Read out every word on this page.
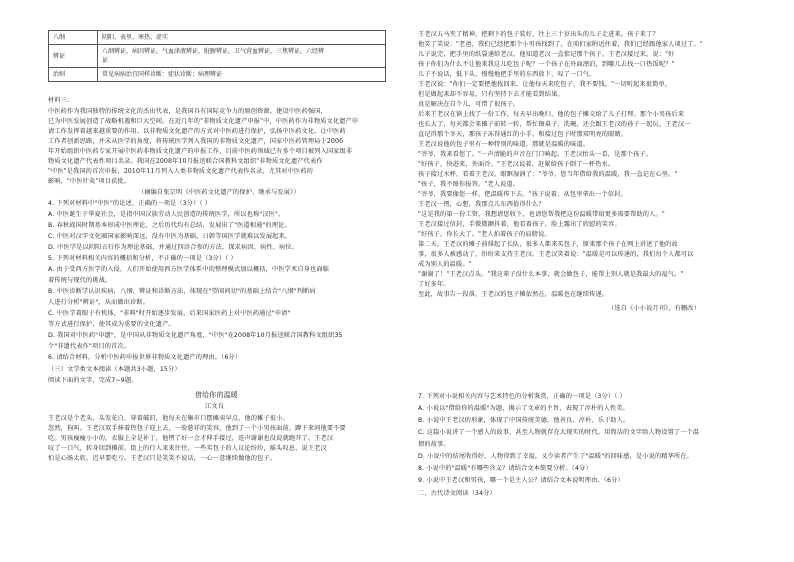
八纲	阴阳、表里、寒热、虚实
辨证	八纲辨证，病因辨证，气血津液辨证，脏腑辨证，卫气营血辨证，三焦辨证，六经辨
证
治则	常见病病治宜同样诊断：症状诊断；病理辨证
材料三：
中医药作为我国独特的传统文化的杰出代表，是我国具有国际竞争力的原创资源。建设中医药强国，
已为中医发展创造了战略机遇和巨大空间。在近几年的"非物质文化遗产申报"中，中医药作为非物质文化遗产申
请工作发挥着越来越重要的作用。以非物质文化遗产的方式对中医药进行保护，弘扬中医药文化，让中医药
工作者创新思路，并未从医学的角度，将传统医学列入我国的非物质文化遗产，国家中医药管理局于2006
年开始组织中医药专家开展中医药非物质文化遗产的申报工作，目前中医药领域已有多个项目被列入国家级非
物质文化遗产代表性项目名录。我国在2008年10月报送联合国教科文组织"非物质文化遗产代表作
"中医"是我国的首次申报，2010年11月列入人类非物质文化遗产代表作名录，尤其对中医药的
影响，"中医针灸"项目获批。
（摘编自张宗明《中医药文化遗产的保护、继承与发展》）
4. 下列对材料中"中医"的论述，正确的一项是（3分）（ ）
A. 中医诞生于华夏社会，是指中国汉族劳动人民创造的传统医学，所以也称"汉医"。
B. 春秋战国时期基本形成中医理论，之后历代均有总结，发展出了"医道相通"的理论。
C. 中医对汉字文化圈国家影响深远，没有中医为基础，日韩等国医学就难以发展起来。
D. 中医学是以阴阳五行作为理论基础，并通过四诊合参的方法，探求病因、病性、病位。
5. 下列对材料相关内容的概括和分析，不正确的一项是（3分）（ ）
A. 由于受西方医学的入侵，人们开始使用西方医学体系中的整理模式加以概括，中医学术自身也面临
着传统与现代的挑战。
B. 中医诊断学认识疾病，八纲、辨证和诊断方法，体现在"望闻问切"的基础上结合"八纲"判断病
人进行分析"辨证"，从而做出诊断。
C. 中医学着眼于有机体，"非典"时开始逐步发展，后来国家医药上对中医药通过"申请"
等方式进行保护，使其成为重要的文化遗产。
D. 我国对中医药"申遗"，是中国从非物质文化遗产角度，"中医"在2008年10月报送联合国教科文组织35
个"非遗代表作"项目的首次。
6. 请结合材料，分析中医药申报世界非物质文化遗产的理由。（6分）
（三）文学类文本阅读（本题共3小题，15分）
阅读下面的文字，完成7~9题。
借给你的温暖
江文良
王老汉是个老头，头发花白，穿着破旧，他每天在集市口摆摊卖早点，他的摊子很小。
忽然，狗叫。王老汉双手捧着热包子迎上去，一脸慈祥的笑容，他到了一个小男孩面前，蹲下来问他要不要
吃。男孩瘦瘦小小的，衣服上全是补丁，他愣了好一会才伸手接过，连声谢谢也没说就跑开了。王老汉
叹了一口气，转身回到摊前。街上的行人来来往往，一些买包子的人议论纷纷，摇头叹息，说王老汉
怕是心肠太软，迟早要吃亏。王老汉只是笑笑不说话，一心一意继续做他的包子。
王老汉五马夹了精神，把剩下的包子装好，往上三十岁出头的儿子走进来。孩子来了？
他笑了笑说："老爸，我们已经把那个小男孩找到了，在咱们家附近住着，我们已经跟他家人谈过了。"
儿子说完，把手里的纸袋递给老汉，他知道老汉一直惦记那个孩子。王老汉接过来，说："好
孩子你们为什么不让他来我这儿吃包子呢？一个孩子在外面漂泊，到哪儿去找一口热饭呢？"
儿子不说话，低下头，慢慢地把手里的东西放下，叹了一口气。
王老汉说："你们一定要把他找回来，让他每天来吃包子，我不要钱。"一切听起来很简单，
但是做起来却不容易，只有坚持下去才能看到结果。
真是解决在自个儿，可惜了很孩子。
后来王老汉在镇上找了一份工作，每天早出晚归，他的包子摊交给了儿子打理。那个小男孩后来
也长大了，每天都会来摊子前转一转，帮忙擦桌子，洗碗，还会跟王老汉的孙子一起玩。王老汉一
直记得那个冬天，那孩子冻得通红的小手，和接过包子时那双明亮的眼睛。
王老汉说他的包子里有一种特别的味道，那就是温暖的味道。
"爷爷，我来看您了。"一声清脆的声音在门口响起，王老汉抬头一看，是那个孩子。
"好孩子，快进来，外面冷。"王老汉说着，赶紧给孩子倒了一杯热水。
孩子接过水杯，看着王老汉，眼眶湿润了："爷爷，您当年借给我的温暖，我一直记在心里。"
"孩子，我不图你报答。"老人说道。
"爷爷，我要像您一样，把温暖传下去。"孩子说着，从包里拿出一个信封。
王老汉一愣，心想，我那点儿东西值得什么？
"这是我的第一份工资，我想请您收下，也请您帮我把这份温暖带给更多需要帮助的人。"
王老汉接过信封，手微微颤抖着，他看着孩子，脸上露出了欣慰的笑容。
"好孩子，你长大了。"老人拍着孩子的肩膀说。
第二天，王老汉的摊子前排起了长队，很多人都来买包子，原来那个孩子在网上讲述了他的故
事，很多人被感动了，纷纷来支持王老汉。王老汉笑着说："温暖是可以传递的，我们每个人都可以
成为别人的温暖。"
"谢谢了！"王老汉点头，"我这辈子没什么本事，就会做包子，能帮上别人就是我最大的福气。"
了好多年。
至此，故事告一段落，王老汉的包子摊依然在，温暖也在继续传递。
（选自《小小说月刊》，有删改）
7. 下列对小说相关内容与艺术特色的分析鉴赏，正确的一项是（3分）（ ）
A. 小说以"借给你的温暖"为题，揭示了文章的主旨，表现了淳朴的人性美。
B. 小说中王老汉的形象，体现了中国传统美德，他善良、淳朴、乐于助人。
C. 这篇小说讲了一个感人的故事，甚至人物就存在大现实的时代，用简洁的文字给人物设置了一个温
情的故事。
D. 小说中的结尾收得好，人物得到了幸福，又令读者产生了"温暖"的回味感，是小说的精华所在。
8. 小说中的"温暖"有哪些含义？请结合文本简要分析。（4分）
9. 小说中王老汉和男孩，哪一个是主人公？请结合文本说明理由。（6分）
二、古代诗文阅读（34分）
